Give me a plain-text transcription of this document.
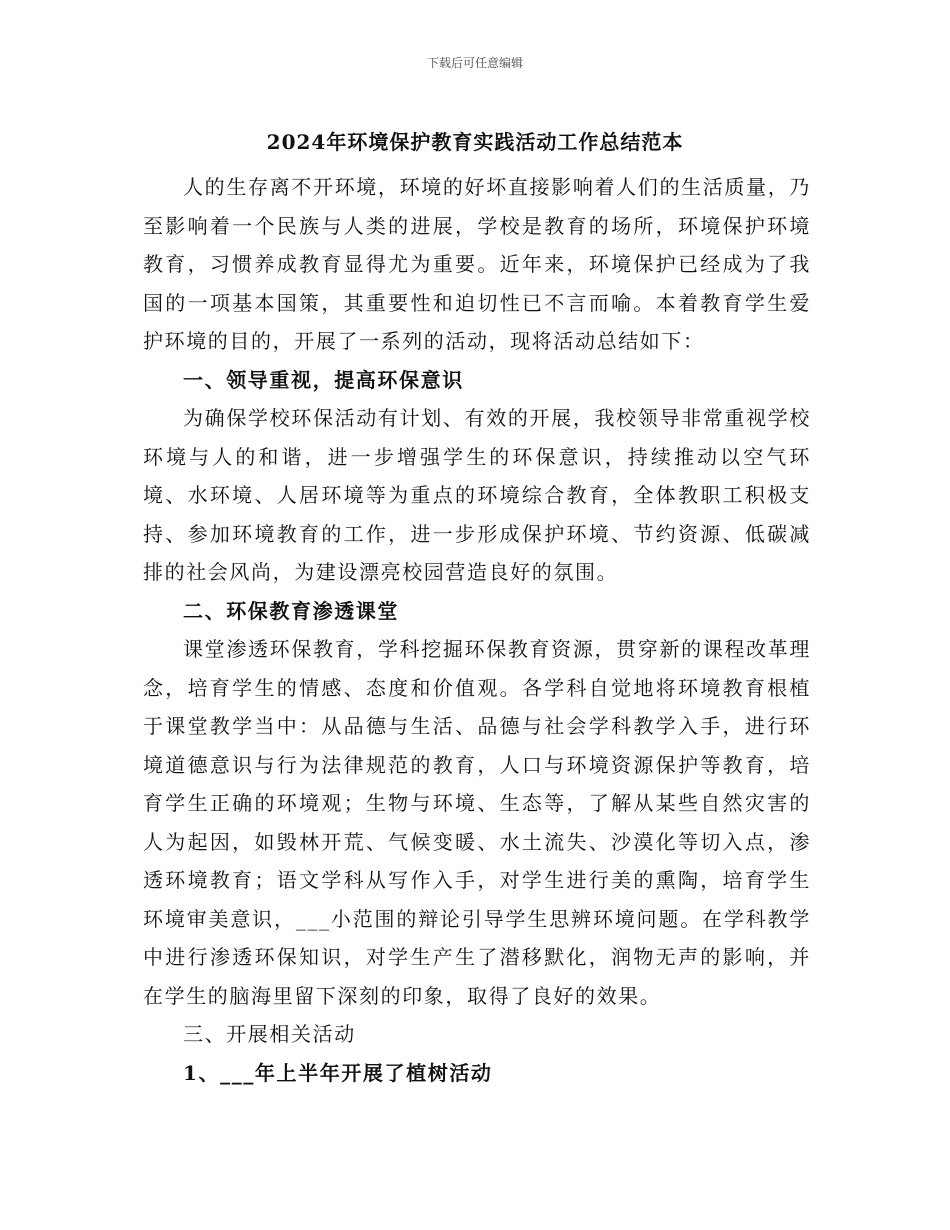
下载后可任意编辑
2024年环境保护教育实践活动工作总结范本

人的生存离不开环境，环境的好坏直接影响着人们的生活质量，乃至影响着一个民族与人类的进展，学校是教育的场所，环境保护环境教育，习惯养成教育显得尤为重要。近年来，环境保护已经成为了我国的一项基本国策，其重要性和迫切性已不言而喻。本着教育学生爱护环境的目的，开展了一系列的活动，现将活动总结如下：

一、领导重视，提高环保意识

为确保学校环保活动有计划、有效的开展，我校领导非常重视学校环境与人的和谐，进一步增强学生的环保意识，持续推动以空气环境、水环境、人居环境等为重点的环境综合教育，全体教职工积极支持、参加环境教育的工作，进一步形成保护环境、节约资源、低碳减排的社会风尚，为建设漂亮校园营造良好的氛围。

二、环保教育渗透课堂

课堂渗透环保教育，学科挖掘环保教育资源，贯穿新的课程改革理念，培育学生的情感、态度和价值观。各学科自觉地将环境教育根植于课堂教学当中：从品德与生活、品德与社会学科教学入手，进行环境道德意识与行为法律规范的教育，人口与环境资源保护等教育，培育学生正确的环境观；生物与环境、生态等，了解从某些自然灾害的人为起因，如毁林开荒、气候变暖、水土流失、沙漠化等切入点，渗透环境教育；语文学科从写作入手，对学生进行美的熏陶，培育学生环境审美意识，___小范围的辩论引导学生思辨环境问题。在学科教学中进行渗透环保知识，对学生产生了潜移默化，润物无声的影响，并在学生的脑海里留下深刻的印象，取得了良好的效果。

三、开展相关活动
1、___年上半年开展了植树活动
